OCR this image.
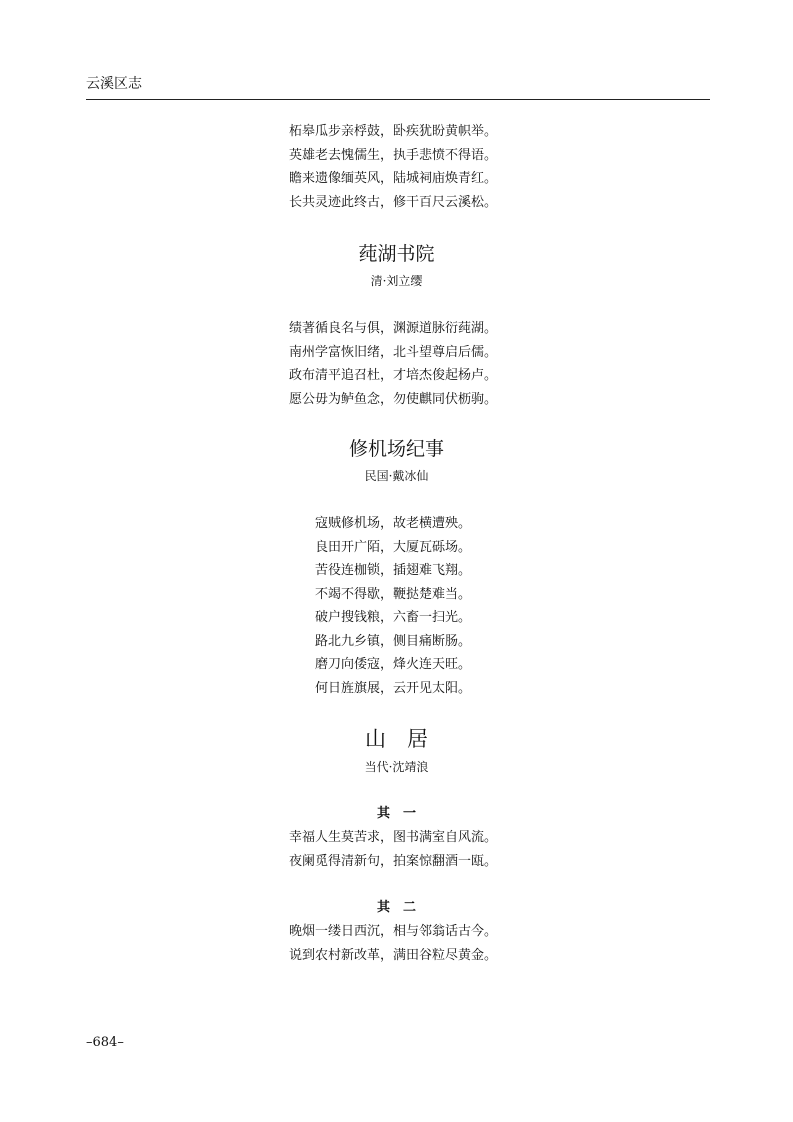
云溪区志
柘皋瓜步亲桴鼓，卧疾犹盼黄帜举。
英雄老去愧儒生，执手悲愤不得语。
瞻来遗像缅英风，陆城祠庙焕青红。
长共灵迹此终古，修干百尺云溪松。
莼湖书院
清·刘立缨
绩著循良名与俱，渊源道脉衍莼湖。
南州学富恢旧绪，北斗望尊启后儒。
政布清平追召杜，才培杰俊起杨卢。
愿公毋为鲈鱼念，勿使麒同伏枥驹。
修机场纪事
民国·戴冰仙
寇贼修机场，故老横遭殃。
良田开广陌，大厦瓦砾场。
苦役连枷锁，插翅难飞翔。
不竭不得歇，鞭挞楚难当。
破户搜钱粮，六畜一扫光。
路北九乡镇，侧目痛断肠。
磨刀向倭寇，烽火连天旺。
何日旌旗展，云开见太阳。
山　居
当代·沈靖浪
其　一
幸福人生莫苦求，图书满室自风流。
夜阑觅得清新句，拍案惊翻酒一瓯。
其　二
晚烟一缕日西沉，相与邻翁话古今。
说到农村新改革，满田谷粒尽黄金。
–684–
